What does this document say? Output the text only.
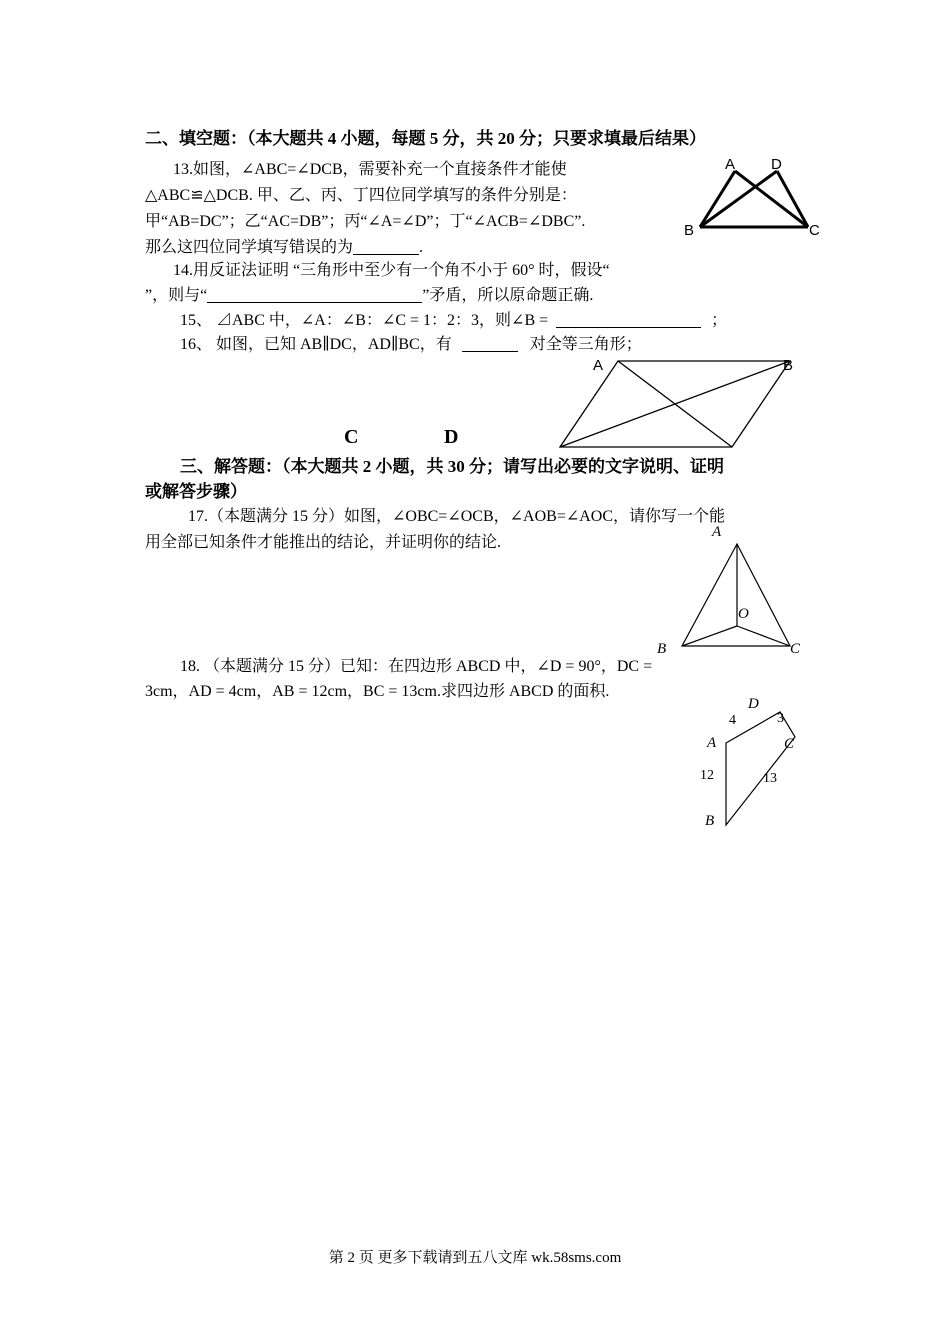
二、填空题：（本大题共 4 小题，每题 5 分，共 20 分；只要求填最后结果）
13.如图，∠ABC=∠DCB，需要补充一个直接条件才能使
△ABC≌△DCB. 甲、乙、丙、丁四位同学填写的条件分别是：
甲“AB=DC”；乙“AC=DB”；丙“∠A=∠D”；丁“∠ACB=∠DBC”.
那么这四位同学填写错误的为	.
A D
B	C
14.用反证法证明 “三角形中至少有一个角不小于 60° 时，假设“
”，则与“	”矛盾，所以原命题正确.
15、 ⊿ABC 中，∠A：∠B：∠C = 1：2：3，则∠B =	；
16、 如图，已知 AB∥DC，AD∥BC，有	对全等三角形；
A	B
C	D
三、解答题：（本大题共 2 小题，共 30 分；请写出必要的文字说明、证明
或解答步骤）
17.（本题满分 15 分）如图，∠OBC=∠OCB，∠AOB=∠AOC，请你写一个能
用全部已知条件才能推出的结论，并证明你的结论.
A
O
B	C
18. （本题满分 15 分）已知：在四边形 ABCD 中，∠D = 90°，DC =
3cm，AD = 4cm，AB = 12cm，BC = 13cm.求四边形 ABCD 的面积.
D
A	C
B
4	3
12	13
第 2 页 更多下载请到五八文库 wk.58sms.com
